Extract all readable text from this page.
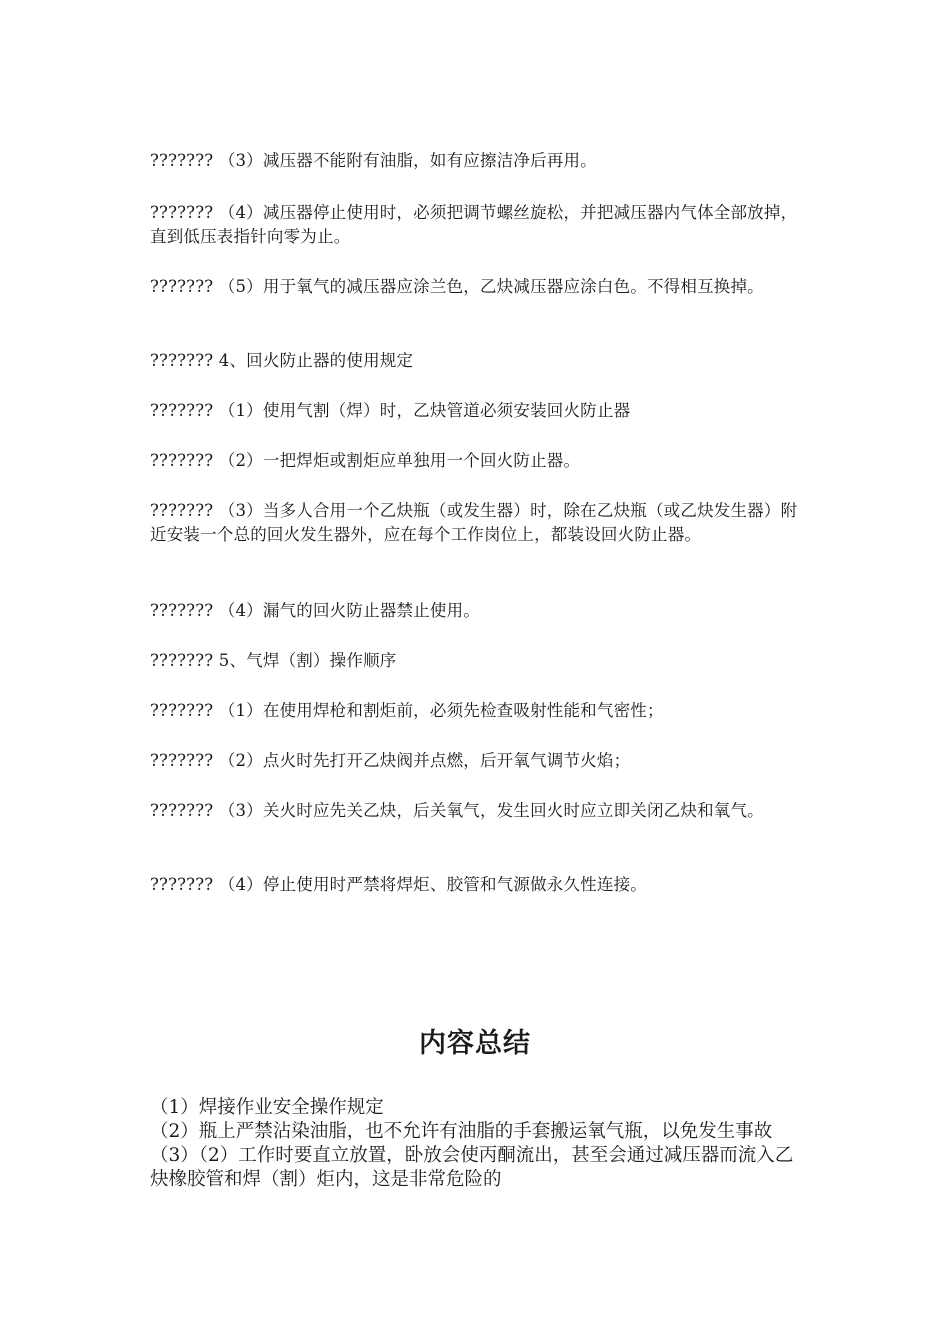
??????? （3）减压器不能附有油脂，如有应擦洁净后再用。

??????? （4）减压器停止使用时，必须把调节螺丝旋松，并把减压器内气体全部放掉，直到低压表指针向零为止。

??????? （5）用于氧气的减压器应涂兰色，乙炔减压器应涂白色。不得相互换掉。

??????? 4、回火防止器的使用规定

??????? （1）使用气割（焊）时，乙炔管道必须安装回火防止器

??????? （2）一把焊炬或割炬应单独用一个回火防止器。

??????? （3）当多人合用一个乙炔瓶（或发生器）时，除在乙炔瓶（或乙炔发生器）附近安装一个总的回火发生器外，应在每个工作岗位上，都装设回火防止器。

??????? （4）漏气的回火防止器禁止使用。

??????? 5、气焊（割）操作顺序

??????? （1）在使用焊枪和割炬前，必须先检查吸射性能和气密性；

??????? （2）点火时先打开乙炔阀并点燃，后开氧气调节火焰；

??????? （3）关火时应先关乙炔，后关氧气，发生回火时应立即关闭乙炔和氧气。

??????? （4）停止使用时严禁将焊炬、胶管和气源做永久性连接。

内容总结

（1）焊接作业安全操作规定

（2）瓶上严禁沾染油脂，也不允许有油脂的手套搬运氧气瓶，以免发生事故

（3）（2）工作时要直立放置，卧放会使丙酮流出，甚至会通过减压器而流入乙炔橡胶管和焊（割）炬内，这是非常危险的
